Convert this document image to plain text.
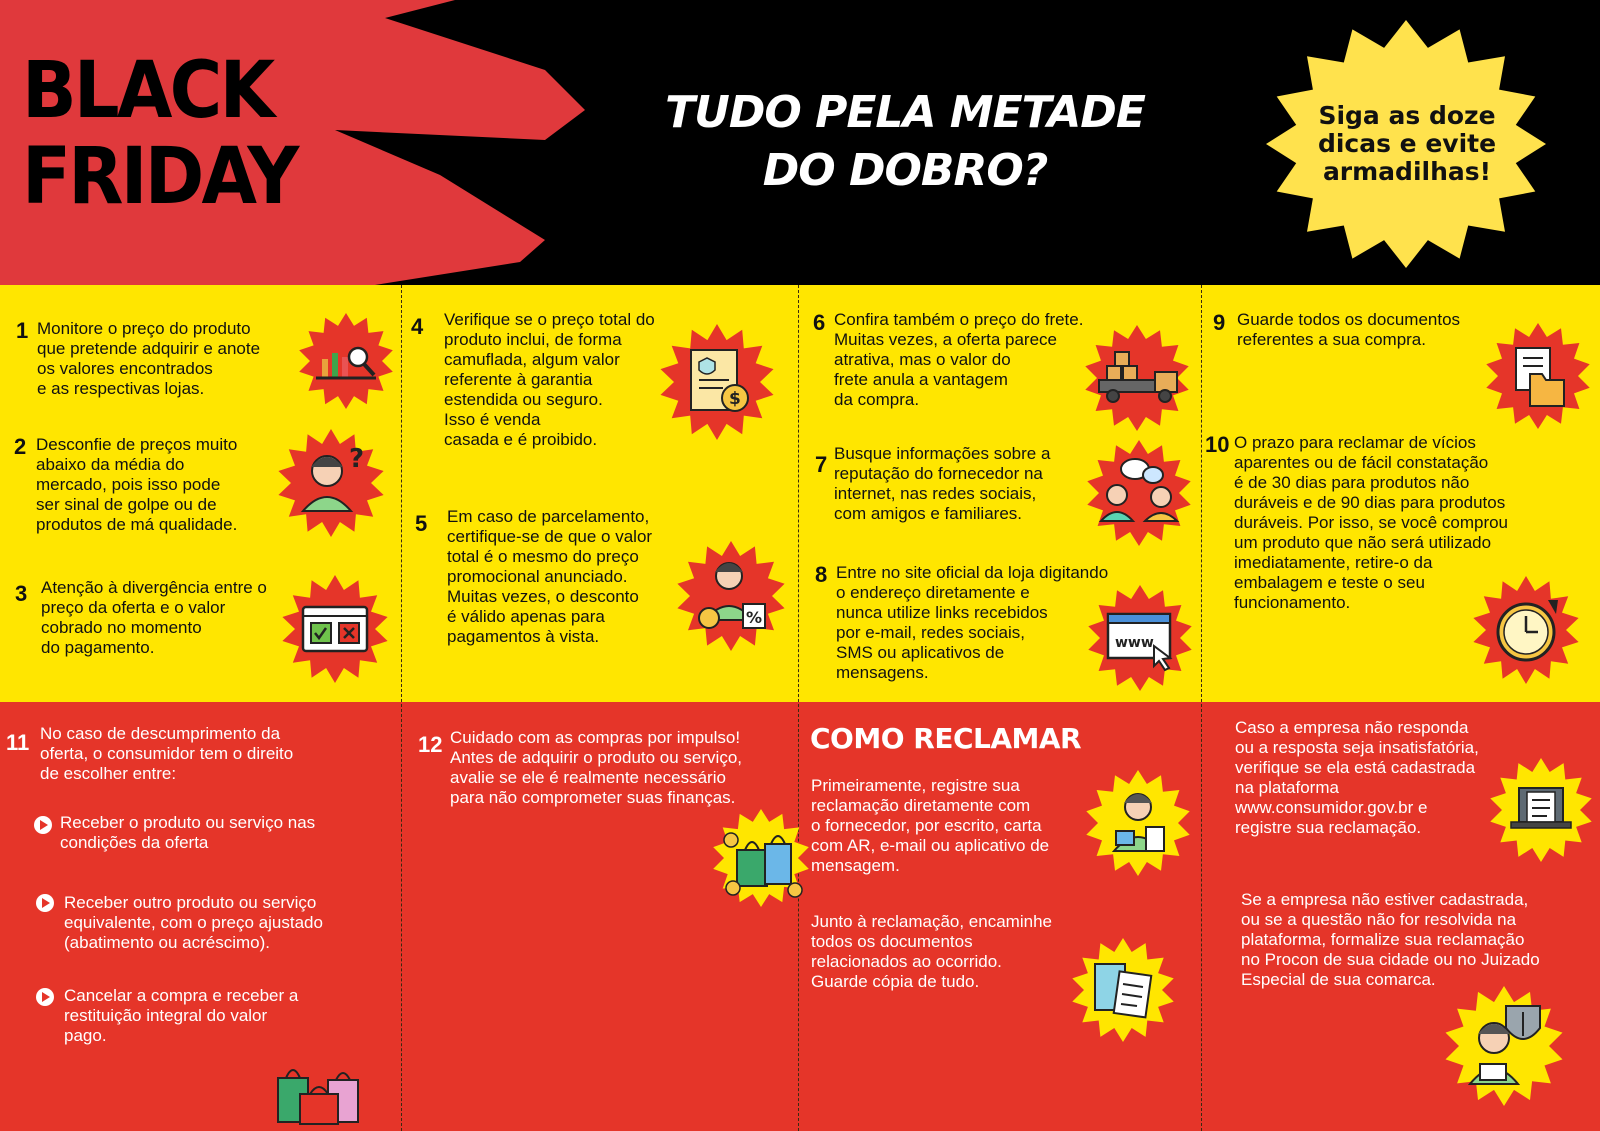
BLACK
FRIDAY
TUDO PELA METADE
DO DOBRO?
Siga as doze
dicas e evite
armadilhas!
1 Monitore o preço do produto
que pretende adquirir e anote
os valores encontrados
e as respectivas lojas.
2 Desconfie de preços muito
abaixo da média do
mercado, pois isso pode
ser sinal de golpe ou de
produtos de má qualidade.
3 Atenção à divergência entre o
preço da oferta e o valor
cobrado no momento
do pagamento.
4 Verifique se o preço total do
produto inclui, de forma
camuflada, algum valor
referente à garantia
estendida ou seguro.
Isso é venda
casada e é proibido.
5 Em caso de parcelamento,
certifique-se de que o valor
total é o mesmo do preço
promocional anunciado.
Muitas vezes, o desconto
é válido apenas para
pagamentos à vista.
6 Confira também o preço do frete.
Muitas vezes, a oferta parece
atrativa, mas o valor do
frete anula a vantagem
da compra.
7 Busque informações sobre a
reputação do fornecedor na
internet, nas redes sociais,
com amigos e familiares.
8 Entre no site oficial da loja digitando
o endereço diretamente e
nunca utilize links recebidos
por e-mail, redes sociais,
SMS ou aplicativos de
mensagens.
9 Guarde todos os documentos
referentes a sua compra.
10 O prazo para reclamar de vícios
aparentes ou de fácil constatação
é de 30 dias para produtos não
duráveis e de 90 dias para produtos
duráveis. Por isso, se você comprou
um produto que não será utilizado
imediatamente, retire-o da
embalagem e teste o seu
funcionamento.
11 No caso de descumprimento da
oferta, o consumidor tem o direito
de escolher entre:
12 Cuidado com as compras por impulso!
Antes de adquirir o produto ou serviço,
avalie se ele é realmente necessário
para não comprometer suas finanças.
Receber o produto ou serviço nas
condições da oferta
Receber outro produto ou serviço
equivalente, com o preço ajustado
(abatimento ou acréscimo).
Cancelar a compra e receber a
restituição integral do valor
pago.
COMO RECLAMAR
Primeiramente, registre sua
reclamação diretamente com
o fornecedor, por escrito, carta
com AR, e-mail ou aplicativo de
mensagem.
Junto à reclamação, encaminhe
todos os documentos
relacionados ao ocorrido.
Guarde cópia de tudo.
Caso a empresa não responda
ou a resposta seja insatisfatória,
verifique se ela está cadastrada
na plataforma
www.consumidor.gov.br e
registre sua reclamação.
Se a empresa não estiver cadastrada,
ou se a questão não for resolvida na
plataforma, formalize sua reclamação
no Procon de sua cidade ou no Juizado
Especial de sua comarca.
?
$
%
www
